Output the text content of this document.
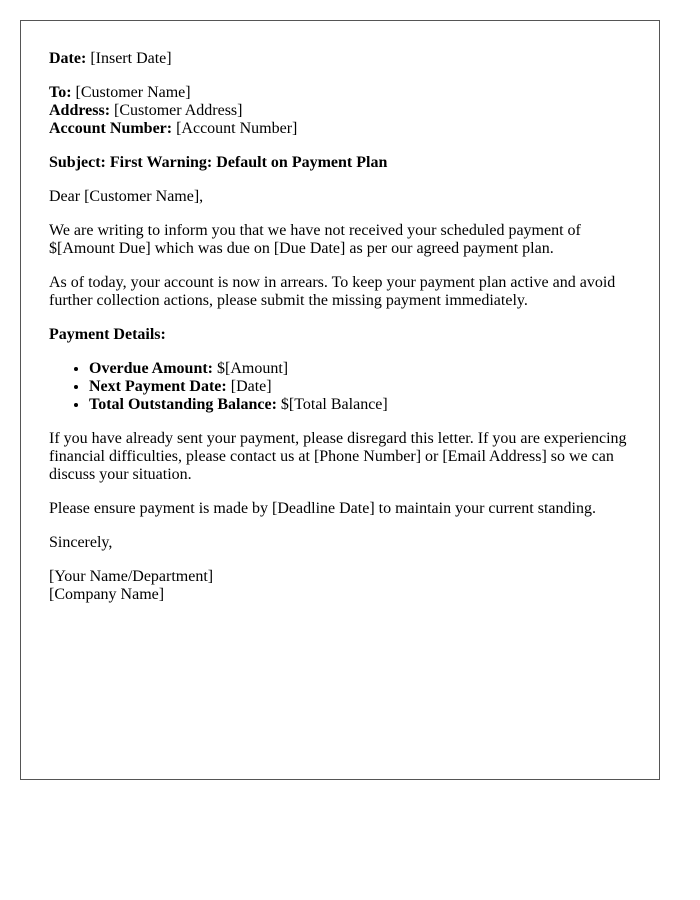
Date: [Insert Date]

To: [Customer Name]
Address: [Customer Address]
Account Number: [Account Number]

Subject: First Warning: Default on Payment Plan

Dear [Customer Name],

We are writing to inform you that we have not received your scheduled payment of $[Amount Due] which was due on [Due Date] as per our agreed payment plan.

As of today, your account is now in arrears. To keep your payment plan active and avoid further collection actions, please submit the missing payment immediately.

Payment Details:

• Overdue Amount: $[Amount]
• Next Payment Date: [Date]
• Total Outstanding Balance: $[Total Balance]

If you have already sent your payment, please disregard this letter. If you are experiencing financial difficulties, please contact us at [Phone Number] or [Email Address] so we can discuss your situation.

Please ensure payment is made by [Deadline Date] to maintain your current standing.

Sincerely,

[Your Name/Department]
[Company Name]
